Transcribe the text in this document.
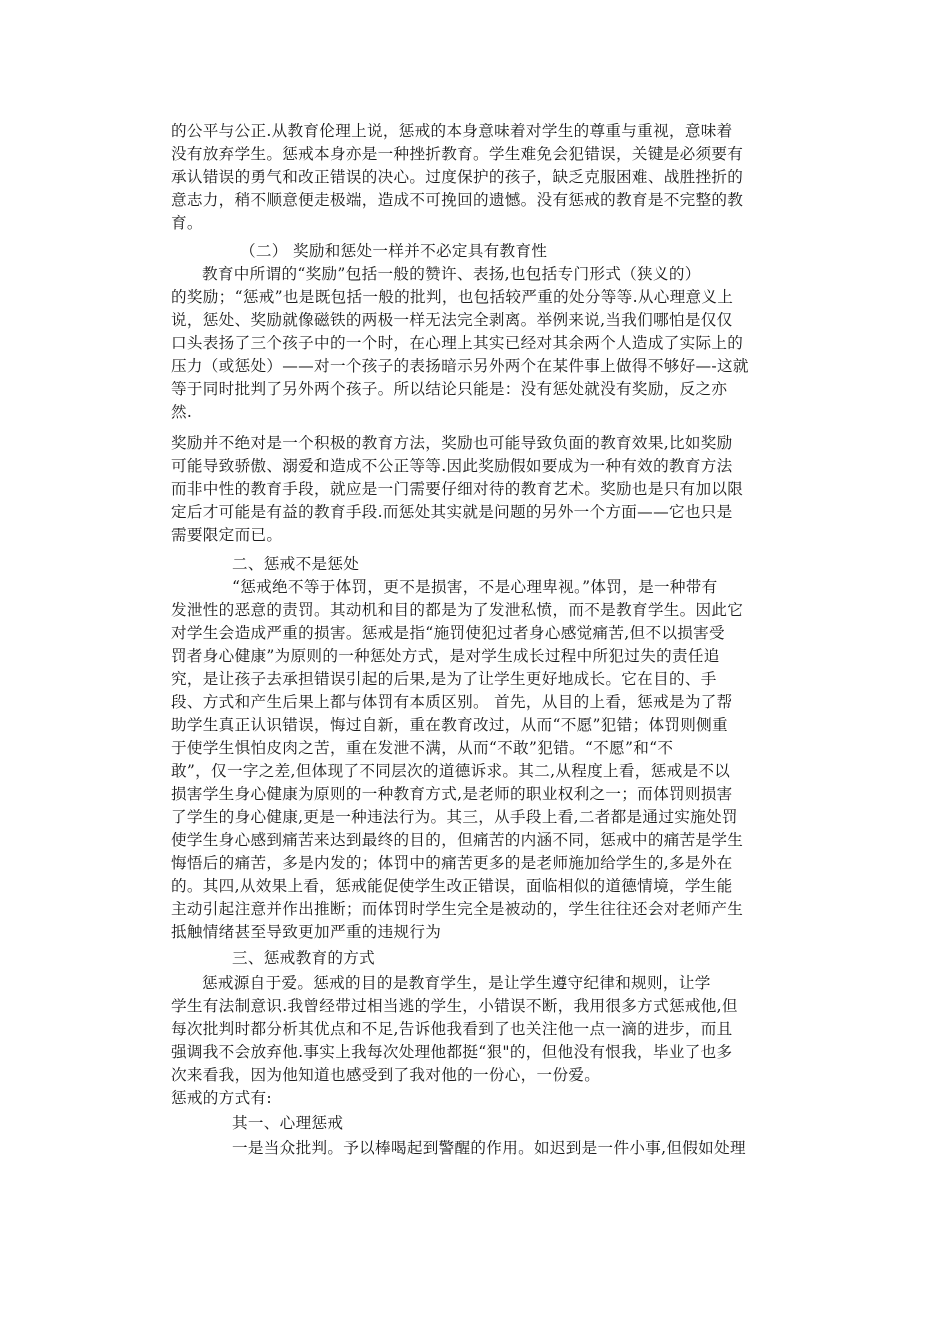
的公平与公正.从教育伦理上说，惩戒的本身意味着对学生的尊重与重视，意味着
没有放弃学生。惩戒本身亦是一种挫折教育。学生难免会犯错误，关键是必须要有
承认错误的勇气和改正错误的决心。过度保护的孩子，缺乏克服困难、战胜挫折的
意志力，稍不顺意便走极端，造成不可挽回的遗憾。没有惩戒的教育是不完整的教
育。
（二） 奖励和惩处一样并不必定具有教育性
教育中所谓的“奖励”包括一般的赞许、表扬,也包括专门形式（狭义的）
的奖励；“惩戒”也是既包括一般的批判，也包括较严重的处分等等.从心理意义上
说，惩处、奖励就像磁铁的两极一样无法完全剥离。举例来说,当我们哪怕是仅仅
口头表扬了三个孩子中的一个时，在心理上其实已经对其余两个人造成了实际上的
压力（或惩处）——对一个孩子的表扬暗示另外两个在某件事上做得不够好—-这就
等于同时批判了另外两个孩子。所以结论只能是：没有惩处就没有奖励，反之亦
然.
奖励并不绝对是一个积极的教育方法，奖励也可能导致负面的教育效果,比如奖励
可能导致骄傲、溺爱和造成不公正等等.因此奖励假如要成为一种有效的教育方法
而非中性的教育手段，就应是一门需要仔细对待的教育艺术。奖励也是只有加以限
定后才可能是有益的教育手段.而惩处其实就是问题的另外一个方面——它也只是
需要限定而已。
二、惩戒不是惩处
“惩戒绝不等于体罚，更不是损害，不是心理卑视。”体罚，是一种带有
发泄性的恶意的责罚。其动机和目的都是为了发泄私愤，而不是教育学生。因此它
对学生会造成严重的损害。惩戒是指“施罚使犯过者身心感觉痛苦,但不以损害受
罚者身心健康”为原则的一种惩处方式，是对学生成长过程中所犯过失的责任追
究，是让孩子去承担错误引起的后果,是为了让学生更好地成长。它在目的、手
段、方式和产生后果上都与体罚有本质区别。 首先，从目的上看，惩戒是为了帮
助学生真正认识错误，悔过自新，重在教育改过，从而“不愿”犯错；体罚则侧重
于使学生惧怕皮肉之苦，重在发泄不满，从而“不敢”犯错。“不愿”和“不
敢”，仅一字之差,但体现了不同层次的道德诉求。其二,从程度上看，惩戒是不以
损害学生身心健康为原则的一种教育方式,是老师的职业权利之一；而体罚则损害
了学生的身心健康,更是一种违法行为。其三，从手段上看,二者都是通过实施处罚
使学生身心感到痛苦来达到最终的目的，但痛苦的内涵不同，惩戒中的痛苦是学生
悔悟后的痛苦，多是内发的；体罚中的痛苦更多的是老师施加给学生的,多是外在
的。其四,从效果上看，惩戒能促使学生改正错误，面临相似的道德情境，学生能
主动引起注意并作出推断；而体罚时学生完全是被动的，学生往往还会对老师产生
抵触情绪甚至导致更加严重的违规行为
三、惩戒教育的方式
惩戒源自于爱。惩戒的目的是教育学生，是让学生遵守纪律和规则，让学
学生有法制意识.我曾经带过相当逃的学生，小错误不断，我用很多方式惩戒他,但
每次批判时都分析其优点和不足,告诉他我看到了也关注他一点一滴的进步，而且
强调我不会放弃他.事实上我每次处理他都挺“狠"的，但他没有恨我，毕业了也多
次来看我，因为他知道也感受到了我对他的一份心，一份爱。
惩戒的方式有:
其一、心理惩戒
一是当众批判。予以棒喝起到警醒的作用。如迟到是一件小事,但假如处理
